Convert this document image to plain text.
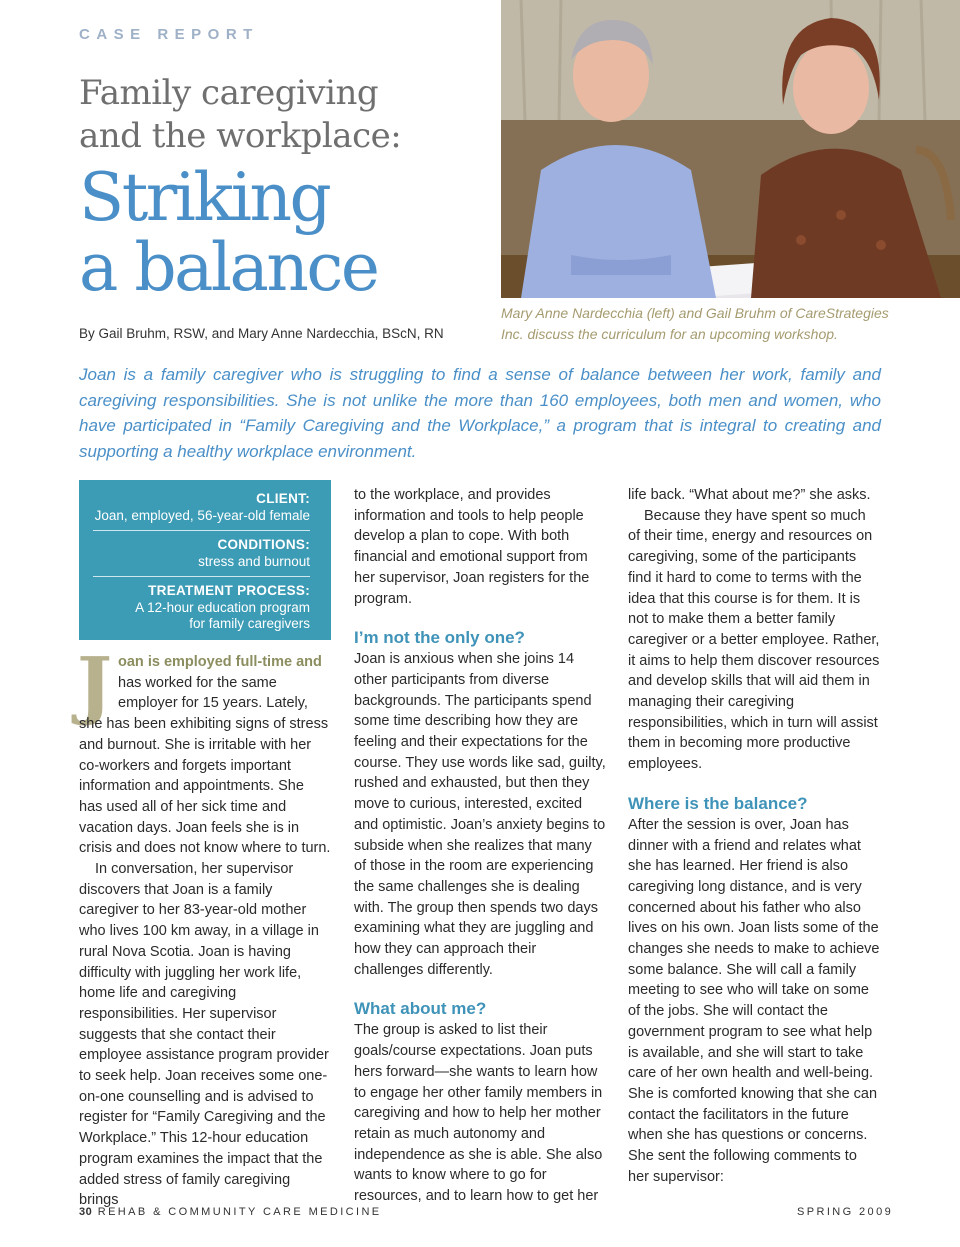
CASE REPORT
Family caregiving
and the workplace:
Striking
a balance
By Gail Bruhm, RSW, and Mary Anne Nardecchia, BScN, RN
Mary Anne Nardecchia (left) and Gail Bruhm of CareStrategies
Inc. discuss the curriculum for an upcoming workshop.
Joan is a family caregiver who is struggling to find a sense of balance between her work, family and caregiving responsibilities. She is not unlike the more than 160 employees, both men and women, who have participated in “Family Caregiving and the Workplace,” a program that is integral to creating and supporting a healthy workplace environment.
CLIENT:
Joan, employed, 56-year-old female
CONDITIONS:
stress and burnout
TREATMENT PROCESS:
A 12-hour education program
for family caregivers

Joan is employed full-time and has worked for the same employer for 15 years. Lately, she has been exhibiting signs of stress and burnout. She is irritable with her co-workers and forgets important information and appointments. She has used all of her sick time and vacation days. Joan feels she is in crisis and does not know where to turn.

In conversation, her supervisor discovers that Joan is a family caregiver to her 83-year-old mother who lives 100 km away, in a village in rural Nova Scotia. Joan is having difficulty with juggling her work life, home life and caregiving responsibilities. Her supervisor suggests that she contact their employee assistance program provider to seek help. Joan receives some one-on-one counselling and is advised to register for “Family Caregiving and the Workplace.” This 12-hour education program examines the impact that the added stress of family caregiving brings

to the workplace, and provides information and tools to help people develop a plan to cope. With both financial and emotional support from her supervisor, Joan registers for the program.

I’m not the only one?

Joan is anxious when she joins 14 other participants from diverse backgrounds. The participants spend some time describing how they are feeling and their expectations for the course. They use words like sad, guilty, rushed and exhausted, but then they move to curious, interested, excited and optimistic. Joan’s anxiety begins to subside when she realizes that many of those in the room are experiencing the same challenges she is dealing with. The group then spends two days examining what they are juggling and how they can approach their challenges differently.

What about me?

The group is asked to list their goals/course expectations. Joan puts hers forward—she wants to learn how to engage her other family members in caregiving and how to help her mother retain as much autonomy and independence as she is able. She also wants to know where to go for resources, and to learn how to get her

life back. “What about me?” she asks.

Because they have spent so much of their time, energy and resources on caregiving, some of the participants find it hard to come to terms with the idea that this course is for them. It is not to make them a better family caregiver or a better employee. Rather, it aims to help them discover resources and develop skills that will aid them in managing their caregiving responsibilities, which in turn will assist them in becoming more productive employees.

Where is the balance?

After the session is over, Joan has dinner with a friend and relates what she has learned. Her friend is also caregiving long distance, and is very concerned about his father who also lives on his own. Joan lists some of the changes she needs to make to achieve some balance. She will call a family meeting to see who will take on some of the jobs. She will contact the government program to see what help is available, and she will start to take care of her own health and well-being. She is comforted knowing that she can contact the facilitators in the future when she has questions or concerns. She sent the following comments to her supervisor:

30 REHAB & COMMUNITY CARE MEDICINE	SPRING 2009
